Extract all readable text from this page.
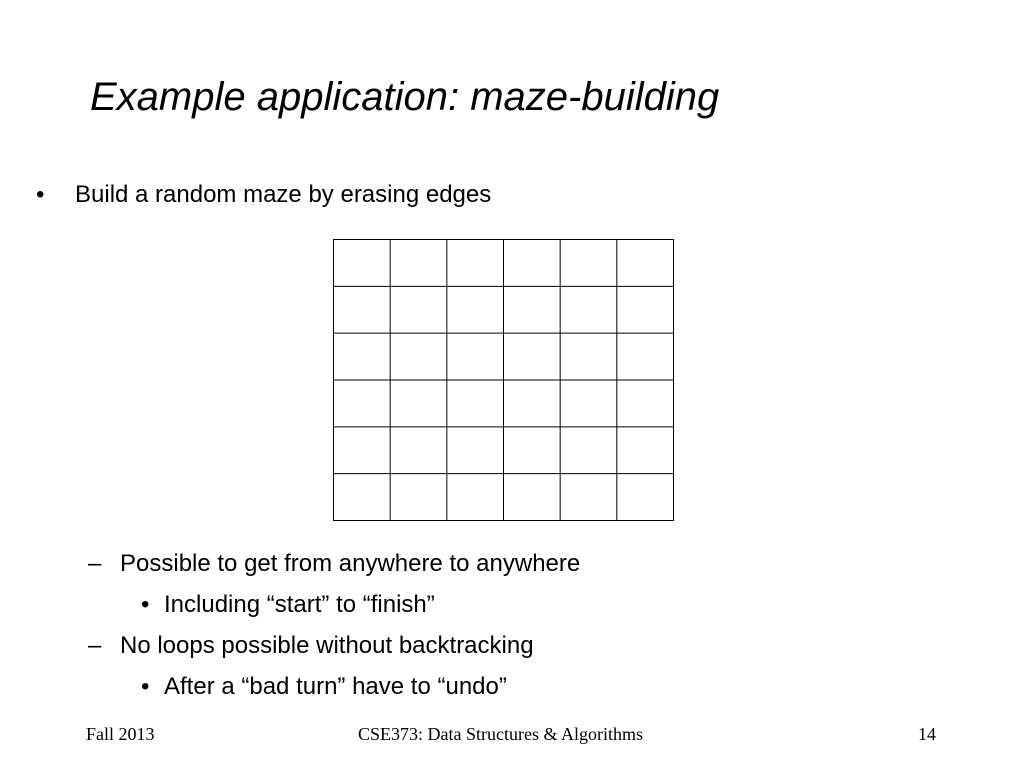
Example application: maze-building
• Build a random maze by erasing edges
– Possible to get from anywhere to anywhere
• Including “start” to “finish”
– No loops possible without backtracking
• After a “bad turn” have to “undo”
Fall 2013	CSE373: Data Structures & Algorithms	14
